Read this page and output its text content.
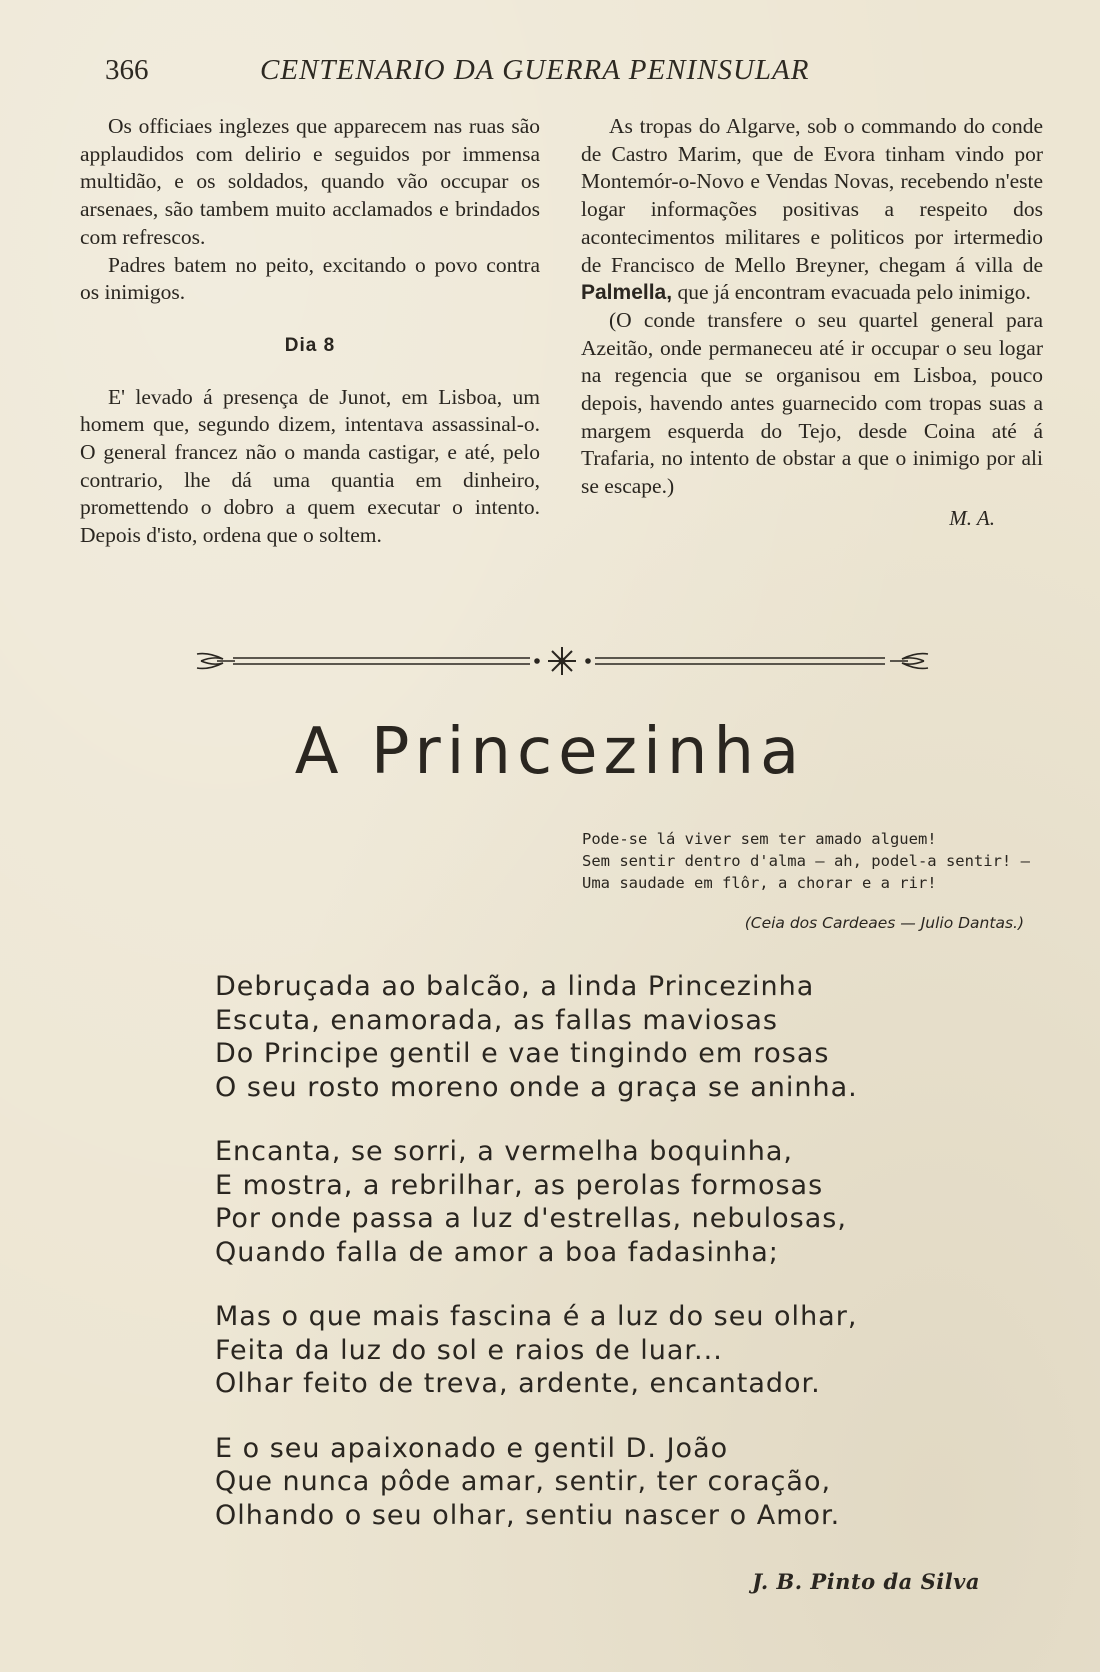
366	CENTENARIO DA GUERRA PENINSULAR

Os officiaes inglezes que apparecem nas ruas são applaudidos com delirio e seguidos por immensa multidão, e os soldados, quando vão occupar os arsenaes, são tambem muito acclamados e brindados com refrescos.

Padres batem no peito, excitando o povo contra os inimigos.

Dia 8

E' levado á presença de Junot, em Lisboa, um homem que, segundo dizem, intentava assassinal-o. O general francez não o manda castigar, e até, pelo contrario, lhe dá uma quantia em dinheiro, promettendo o dobro a quem executar o intento. Depois d'isto, ordena que o soltem.

As tropas do Algarve, sob o commando do conde de Castro Marim, que de Evora tinham vindo por Montemór-o-Novo e Vendas Novas, recebendo n'este logar informações positivas a respeito dos acontecimentos militares e politicos por irtermedio de Francisco de Mello Breyner, chegam á villa de Palmella, que já encontram evacuada pelo inimigo.

(O conde transfere o seu quartel general para Azeitão, onde permaneceu até ir occupar o seu logar na regencia que se organisou em Lisboa, pouco depois, havendo antes guarnecido com tropas suas a margem esquerda do Tejo, desde Coina até á Trafaria, no intento de obstar a que o inimigo por ali se escape.)

M. A.
A Princezinha
Pode-se lá viver sem ter amado alguem!
Sem sentir dentro d'alma — ah, podel-a sentir! —
Uma saudade em flôr, a chorar e a rir!
(Ceia dos Cardeaes — Julio Dantas.)
Debruçada ao balcão, a linda Princezinha
Escuta, enamorada, as fallas maviosas
Do Principe gentil e vae tingindo em rosas
O seu rosto moreno onde a graça se aninha.
Encanta, se sorri, a vermelha boquinha,
E mostra, a rebrilhar, as perolas formosas
Por onde passa a luz d'estrellas, nebulosas,
Quando falla de amor a boa fadasinha;
Mas o que mais fascina é a luz do seu olhar,
Feita da luz do sol e raios de luar...
Olhar feito de treva, ardente, encantador.
E o seu apaixonado e gentil D. João
Que nunca pôde amar, sentir, ter coração,
Olhando o seu olhar, sentiu nascer o Amor.
J. B. Pinto da Silva
